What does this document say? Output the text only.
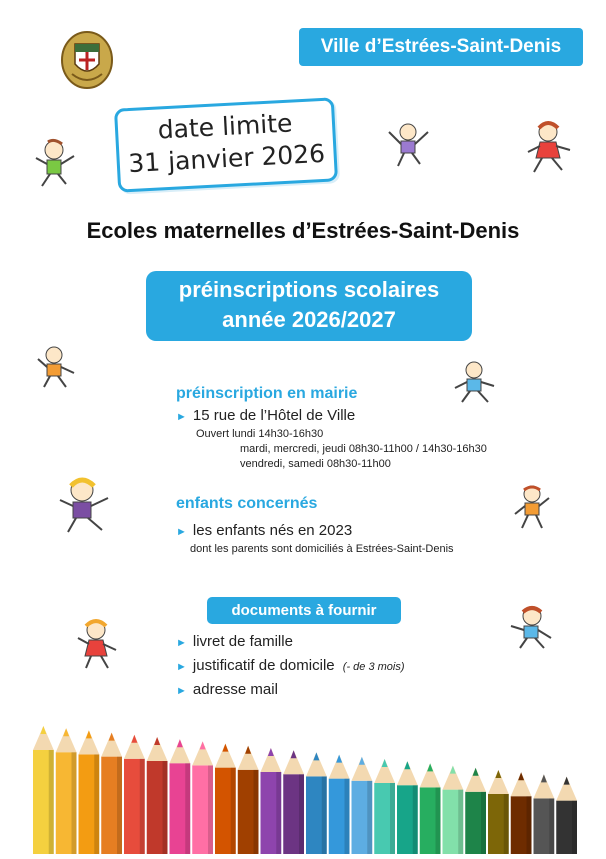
Ville d’Estrées-Saint-Denis
date limite
31 janvier 2026
Ecoles maternelles d’Estrées-Saint-Denis
préinscriptions scolaires
année 2026/2027
préinscription en mairie
► 15 rue de l’Hôtel de Ville
Ouvert lundi 14h30-16h30
mardi, mercredi, jeudi 08h30-11h00 / 14h30-16h30
vendredi, samedi 08h30-11h00
enfants concernés
► les enfants nés en 2023
dont les parents sont domiciliés à Estrées-Saint-Denis
documents à fournir
► livret de famille
► justificatif de domicile (- de 3 mois)
► adresse mail
